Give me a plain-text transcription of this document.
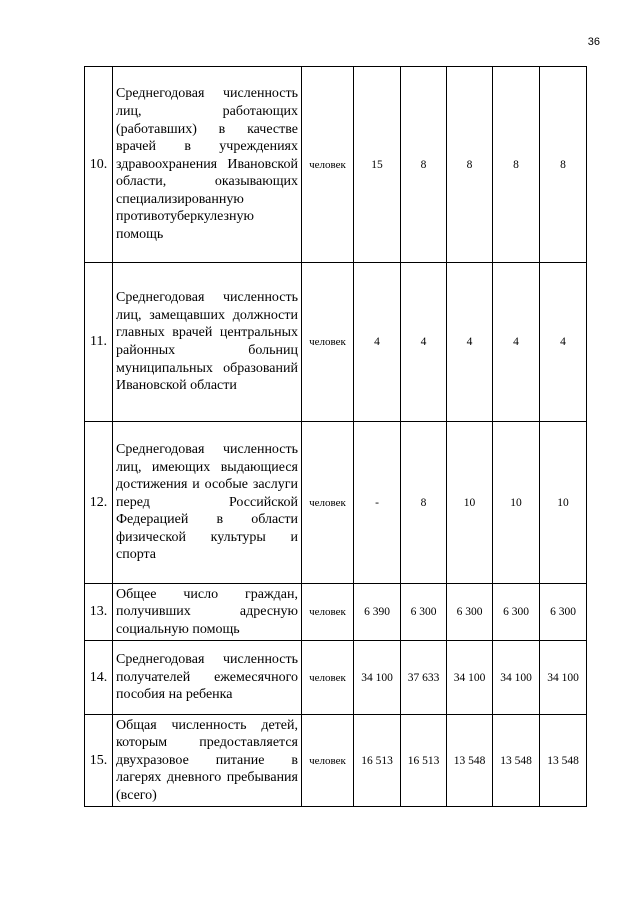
36
10.	Среднегодовая численность лиц, работающих (работавших) в качестве врачей в учреждениях здравоохранения Ивановской области, оказывающих специализированную противотуберкулезную помощь	человек	15	8	8	8	8
11.	Среднегодовая численность лиц, замещавших должности главных врачей центральных районных больниц муниципальных образований Ивановской области	человек	4	4	4	4	4
12.	Среднегодовая численность лиц, имеющих выдающиеся достижения и особые заслуги перед Российской Федерацией в области физической культуры и спорта	человек	-	8	10	10	10
13.	Общее число граждан, получивших адресную социальную помощь	человек	6 390	6 300	6 300	6 300	6 300
14.	Среднегодовая численность получателей ежемесячного пособия на ребенка	человек	34 100	37 633	34 100	34 100	34 100
15.	Общая численность детей, которым предоставляется двухразовое питание в лагерях дневного пребывания (всего)	человек	16 513	16 513	13 548	13 548	13 548
